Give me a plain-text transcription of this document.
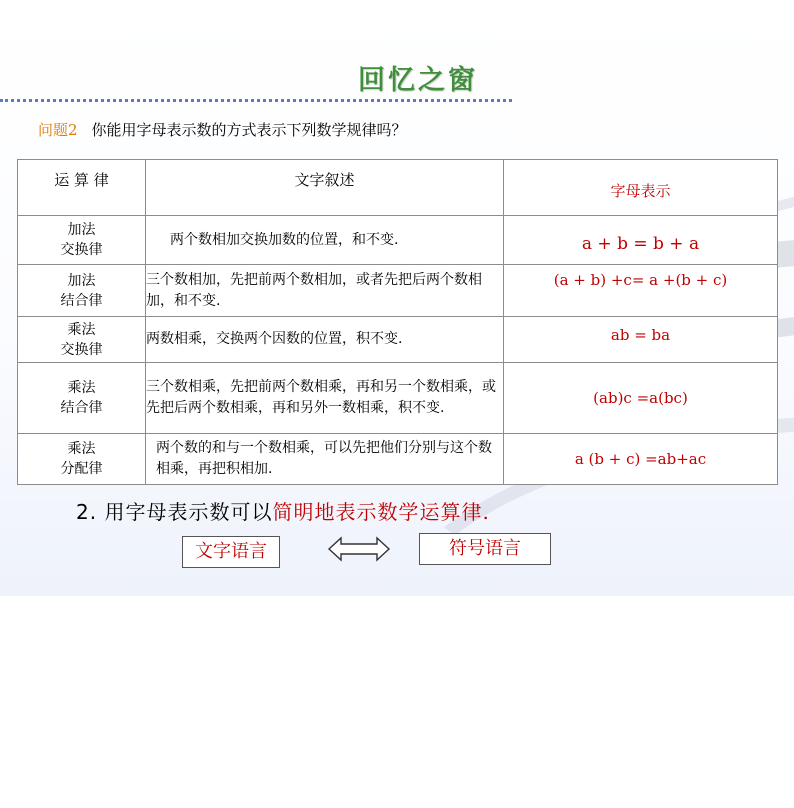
回忆之窗
问题2 你能用字母表示数的方式表示下列数学规律吗？
运 算 律	文字叙述	字母表示

加法
交换律	两个数相加交换加数的位置，和不变.	a + b = b + a

加法
结合律	三个数相加，先把前两个数相加，或者先把后两个数相加，和不变.	(a + b) +c= a +(b + c)

乘法
交换律	两数相乘，交换两个因数的位置，积不变.	ab = ba

乘法
结合律	三个数相乘，先把前两个数相乘，再和另一个数相乘，或先把后两个数相乘，再和另外一数相乘，积不变.	(ab)c =a(bc)

乘法
分配律	两个数的和与一个数相乘，可以先把他们分别与这个数相乘，再把积相加.	a (b + c) =ab+ac
2. 用字母表示数可以简明地表示数学运算律.
文字语言	符号语言
